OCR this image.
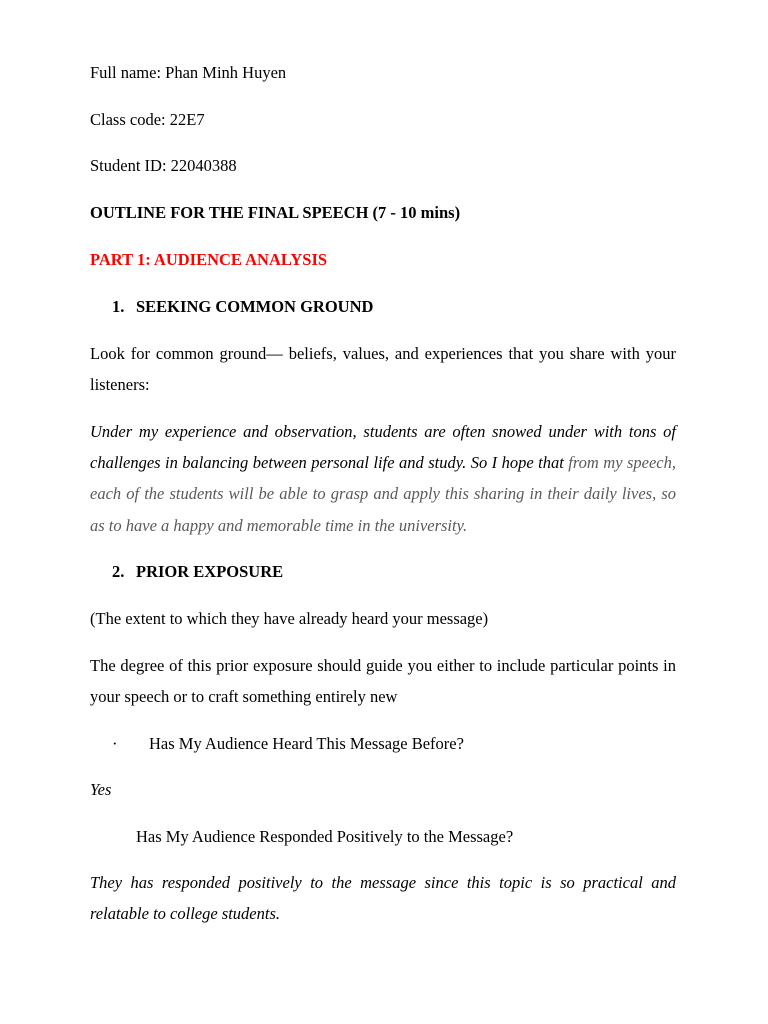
Full name: Phan Minh Huyen
Class code: 22E7
Student ID: 22040388
OUTLINE FOR THE FINAL SPEECH (7 - 10 mins)
PART 1: AUDIENCE ANALYSIS
1. SEEKING COMMON GROUND
Look for common ground— beliefs, values, and experiences that you share with your listeners:
Under my experience and observation, students are often snowed under with tons of challenges in balancing between personal life and study. So I hope that from my speech, each of the students will be able to grasp and apply this sharing in their daily lives, so as to have a happy and memorable time in the university.
2. PRIOR EXPOSURE
(The extent to which they have already heard your message)
The degree of this prior exposure should guide you either to include particular points in your speech or to craft something entirely new
· Has My Audience Heard This Message Before?
Yes
Has My Audience Responded Positively to the Message?
They has responded positively to the message since this topic is so practical and relatable to college students.
